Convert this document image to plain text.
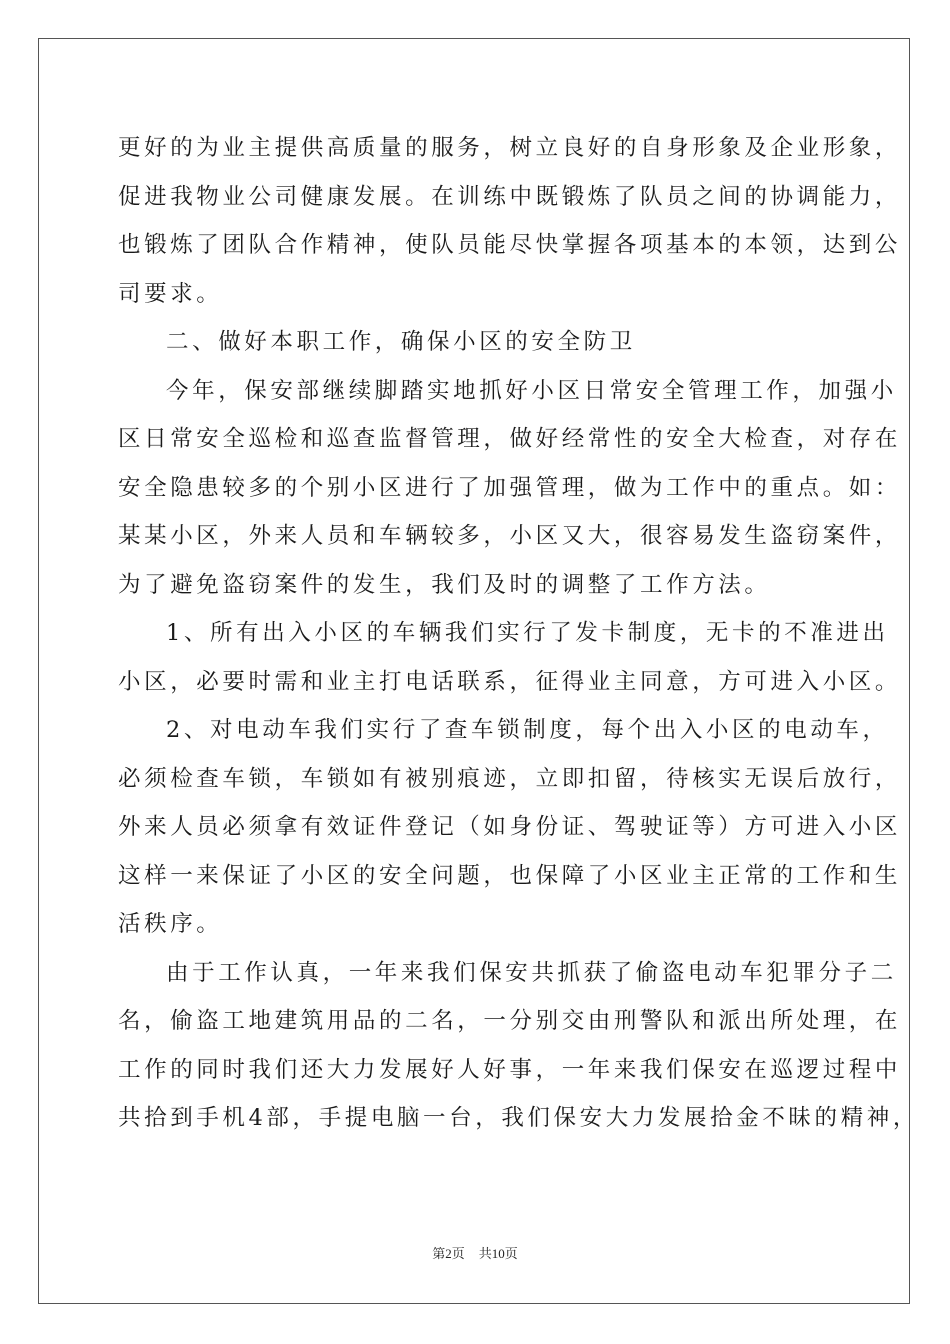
更好的为业主提供高质量的服务，树立良好的自身形象及企业形象，
促进我物业公司健康发展。在训练中既锻炼了队员之间的协调能力，
也锻炼了团队合作精神，使队员能尽快掌握各项基本的本领，达到公
司要求。
二、做好本职工作，确保小区的安全防卫
今年，保安部继续脚踏实地抓好小区日常安全管理工作，加强小
区日常安全巡检和巡查监督管理，做好经常性的安全大检查，对存在
安全隐患较多的个别小区进行了加强管理，做为工作中的重点。如：
某某小区，外来人员和车辆较多，小区又大，很容易发生盗窃案件，
为了避免盗窃案件的发生，我们及时的调整了工作方法。
1、所有出入小区的车辆我们实行了发卡制度，无卡的不准进出
小区，必要时需和业主打电话联系，征得业主同意，方可进入小区。
2、对电动车我们实行了查车锁制度，每个出入小区的电动车，
必须检查车锁，车锁如有被别痕迹，立即扣留，待核实无误后放行，
外来人员必须拿有效证件登记（如身份证、驾驶证等）方可进入小区
这样一来保证了小区的安全问题，也保障了小区业主正常的工作和生
活秩序。
由于工作认真，一年来我们保安共抓获了偷盗电动车犯罪分子二
名，偷盗工地建筑用品的二名，一分别交由刑警队和派出所处理，在
工作的同时我们还大力发展好人好事，一年来我们保安在巡逻过程中
共拾到手机4部，手提电脑一台，我们保安大力发展拾金不昧的精神，
第2页 共10页
